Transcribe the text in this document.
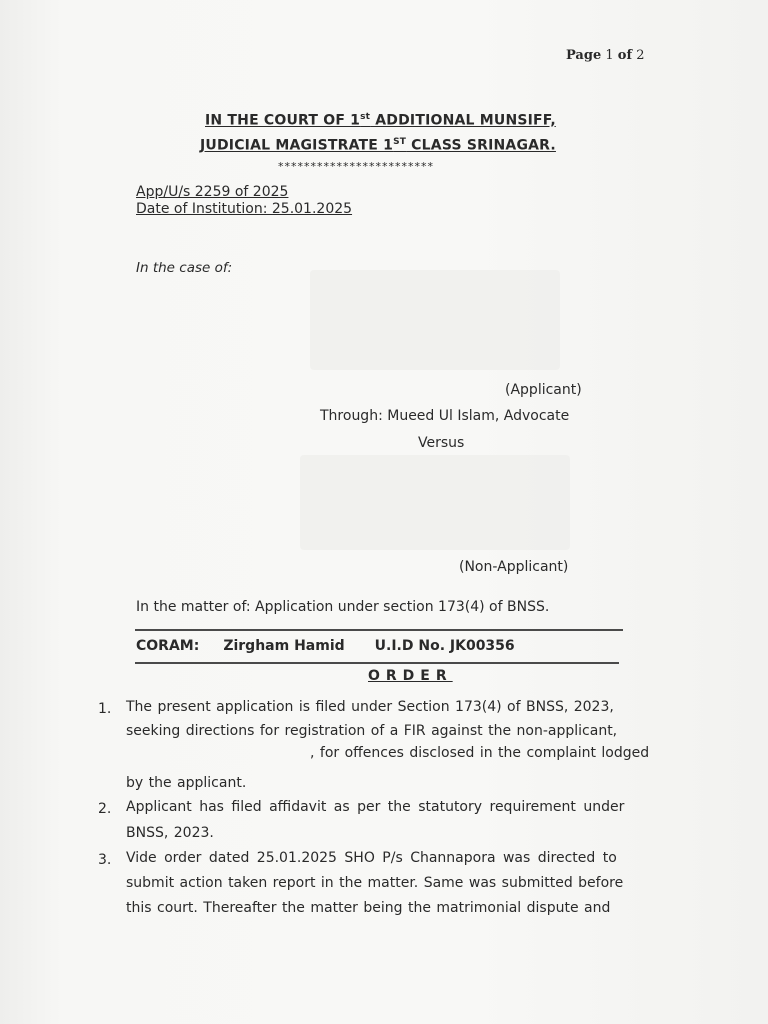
Page 1 of 2
IN THE COURT OF 1st ADDITIONAL MUNSIFF,
JUDICIAL MAGISTRATE 1ST CLASS SRINAGAR.
************************
App/U/s 2259 of 2025
Date of Institution: 25.01.2025
In the case of:
(Applicant)
Through: Mueed Ul Islam, Advocate
Versus
(Non-Applicant)
In the matter of: Application under section 173(4) of BNSS.
CORAM: Zirgham Hamid U.I.D No. JK00356
ORDER
1. The present application is filed under Section 173(4) of BNSS, 2023,
seeking directions for registration of a FIR against the non-applicant,
, for offences disclosed in the complaint lodged
by the applicant.
2. Applicant has filed affidavit as per the statutory requirement under
BNSS, 2023.
3. Vide order dated 25.01.2025 SHO P/s Channapora was directed to
submit action taken report in the matter. Same was submitted before
this court. Thereafter the matter being the matrimonial dispute and
